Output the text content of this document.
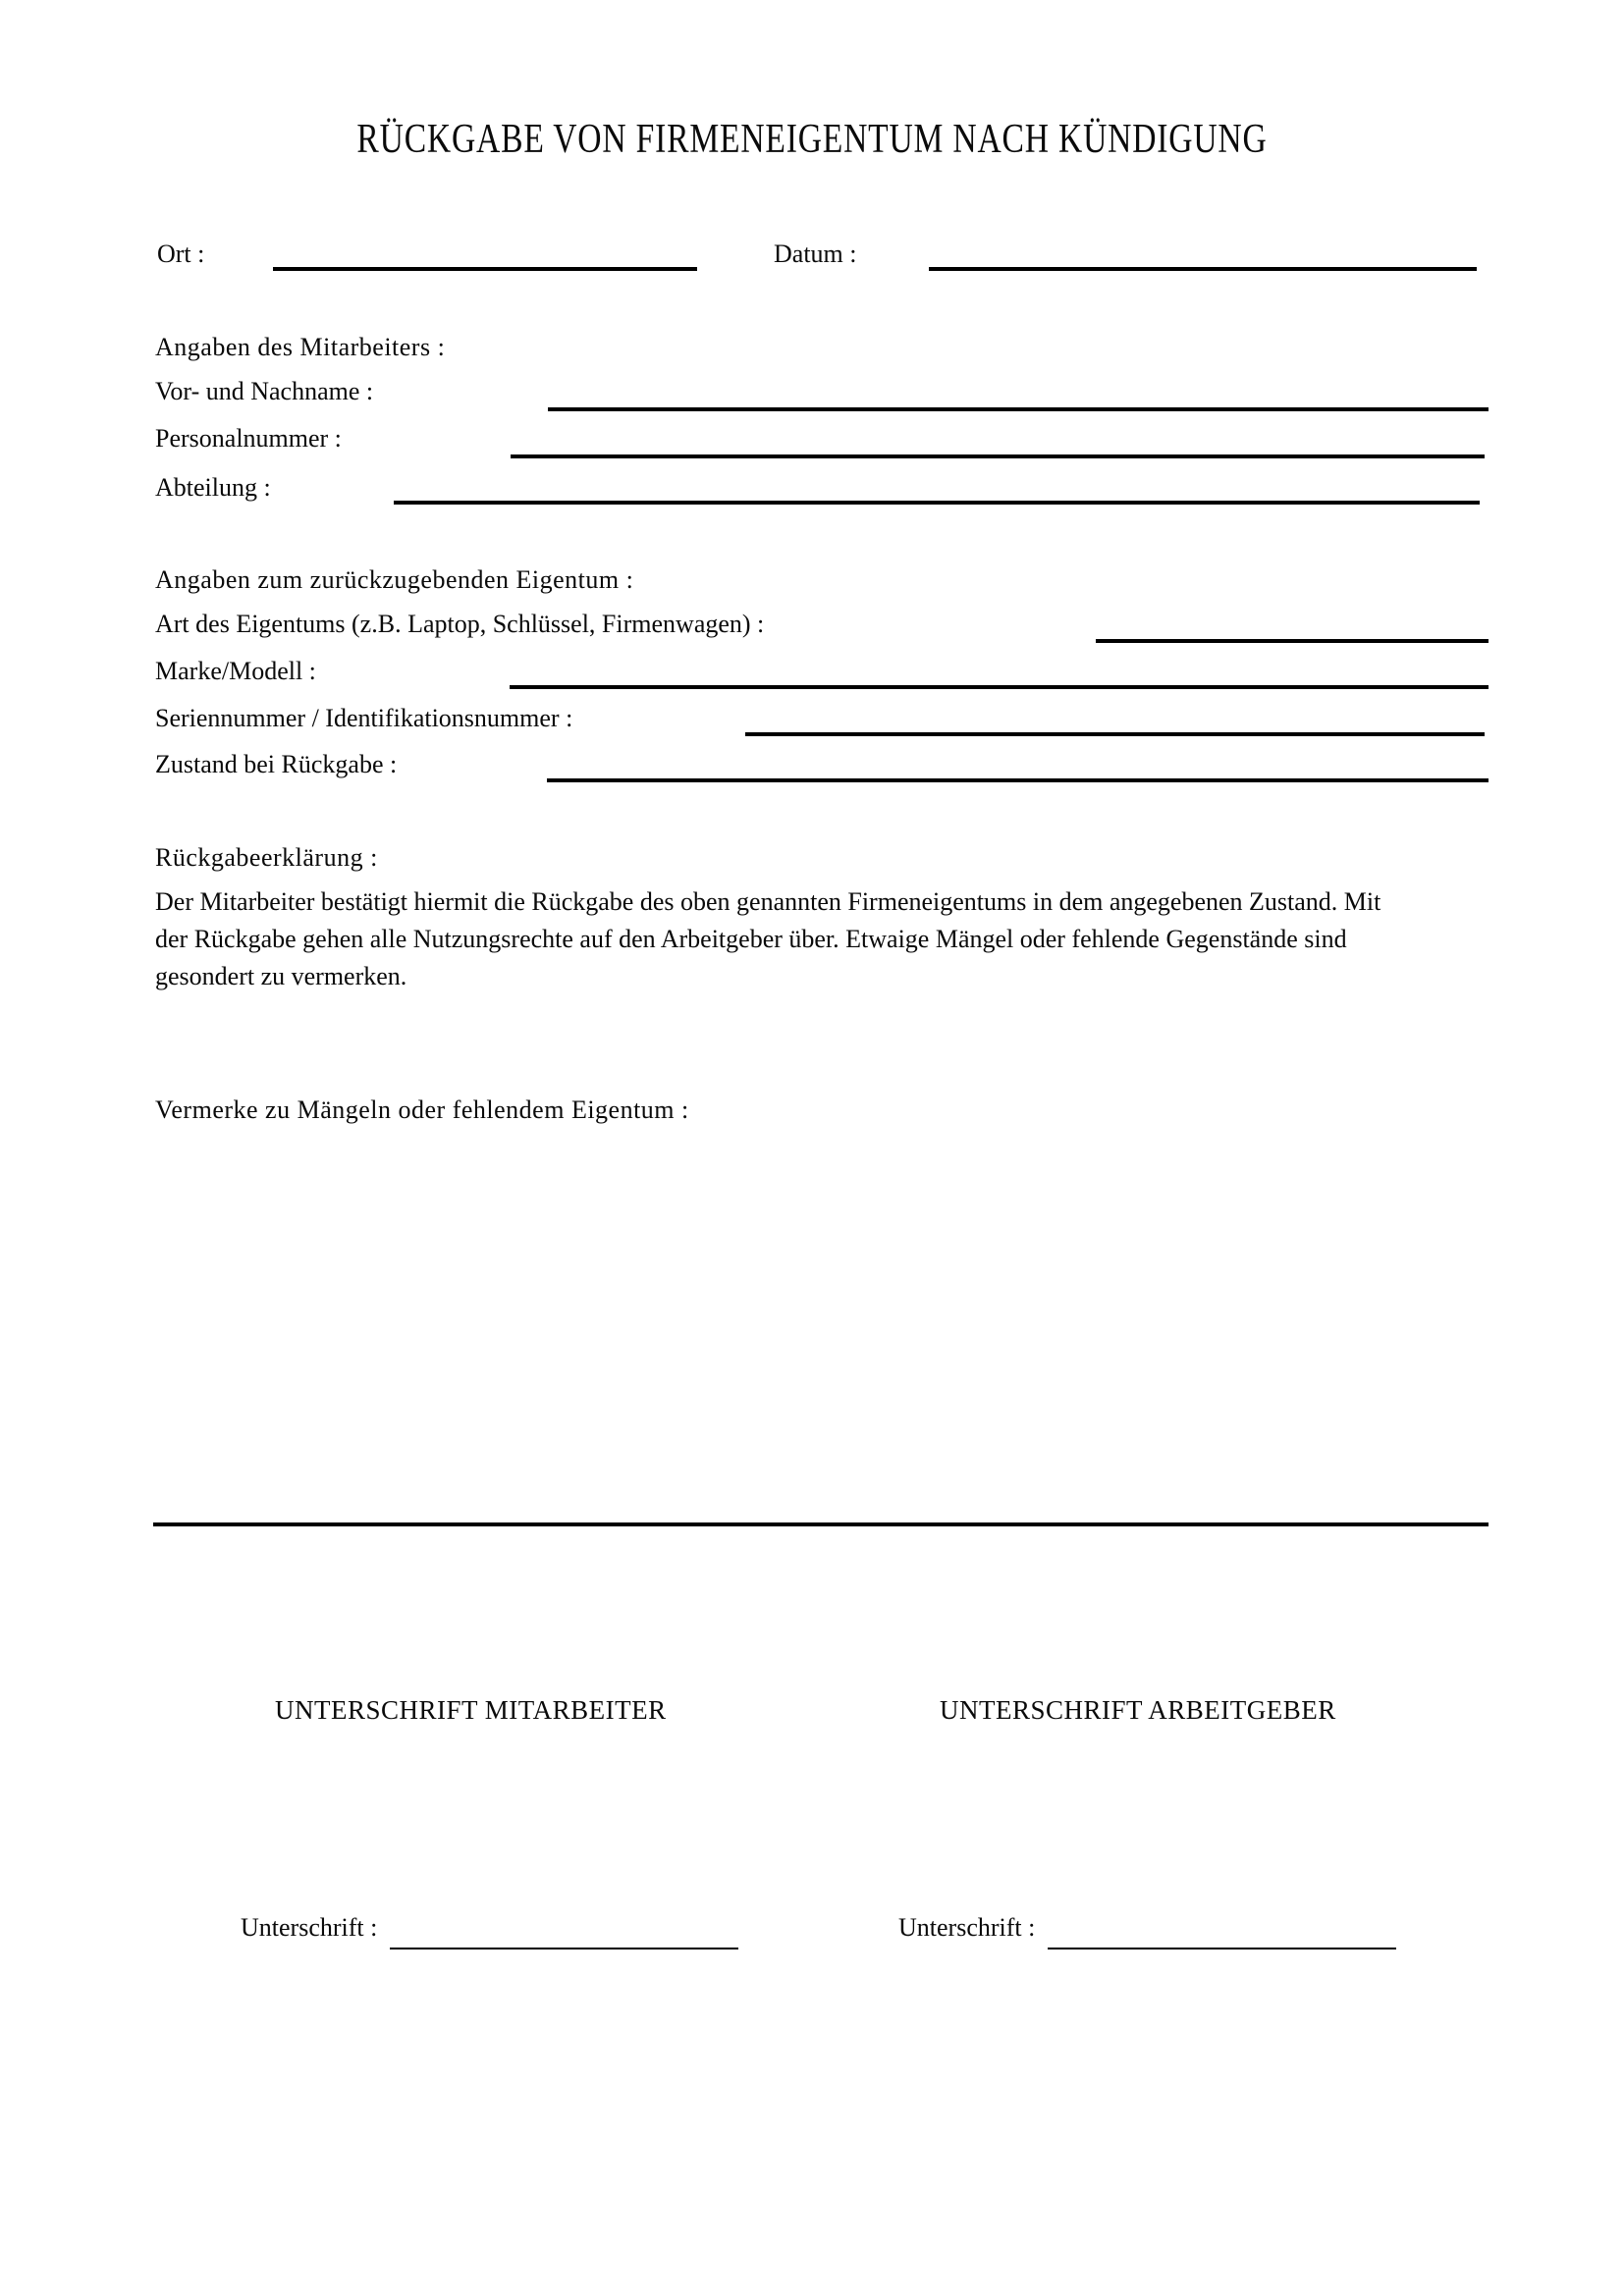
RÜCKGABE VON FIRMENEIGENTUM NACH KÜNDIGUNG
Ort :	Datum :
Angaben des Mitarbeiters :
Vor- und Nachname :
Personalnummer :
Abteilung :
Angaben zum zurückzugebenden Eigentum :
Art des Eigentums (z.B. Laptop, Schlüssel, Firmenwagen) :
Marke/Modell :
Seriennummer / Identifikationsnummer :
Zustand bei Rückgabe :
Rückgabeerklärung :
Der Mitarbeiter bestätigt hiermit die Rückgabe des oben genannten Firmeneigentums in dem angegebenen Zustand. Mit
der Rückgabe gehen alle Nutzungsrechte auf den Arbeitgeber über. Etwaige Mängel oder fehlende Gegenstände sind
gesondert zu vermerken.
Vermerke zu Mängeln oder fehlendem Eigentum :
UNTERSCHRIFT MITARBEITER	UNTERSCHRIFT ARBEITGEBER
Unterschrift :	Unterschrift :
